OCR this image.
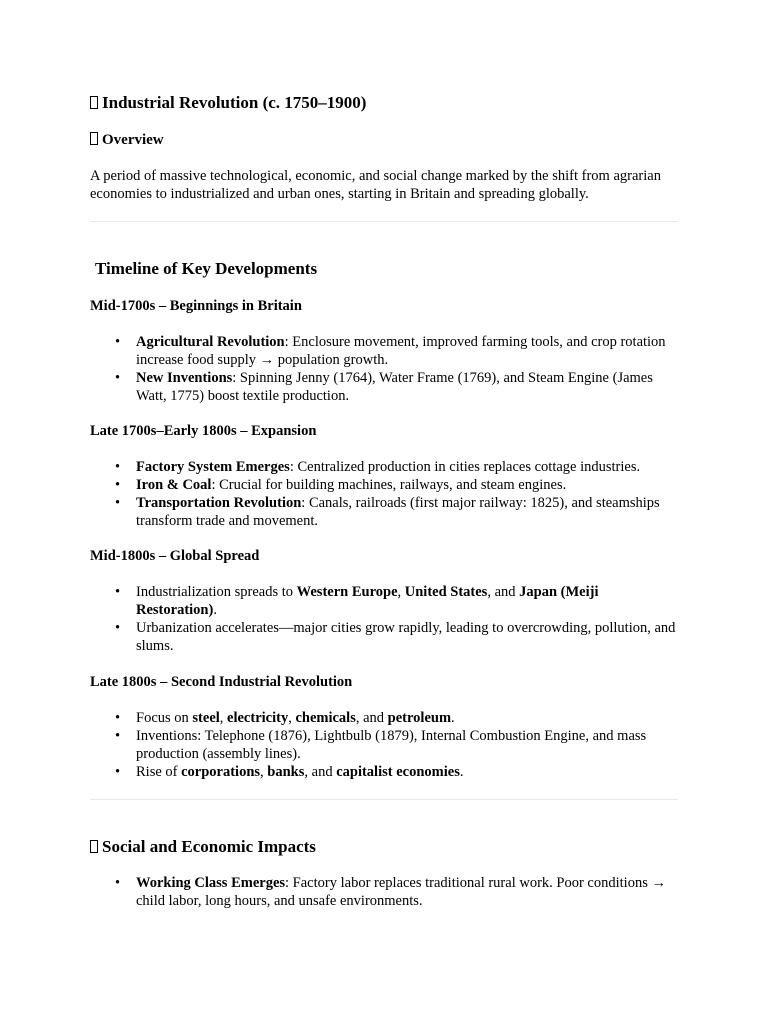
Industrial Revolution (c. 1750–1900)
Overview

A period of massive technological, economic, and social change marked by the shift from agrarian economies to industrialized and urban ones, starting in Britain and spreading globally.

Timeline of Key Developments
Mid-1700s – Beginnings in Britain
• Agricultural Revolution: Enclosure movement, improved farming tools, and crop rotation increase food supply → population growth.
• New Inventions: Spinning Jenny (1764), Water Frame (1769), and Steam Engine (James Watt, 1775) boost textile production.
Late 1700s–Early 1800s – Expansion
• Factory System Emerges: Centralized production in cities replaces cottage industries.
• Iron & Coal: Crucial for building machines, railways, and steam engines.
• Transportation Revolution: Canals, railroads (first major railway: 1825), and steamships transform trade and movement.
Mid-1800s – Global Spread
• Industrialization spreads to Western Europe, United States, and Japan (Meiji Restoration).
• Urbanization accelerates—major cities grow rapidly, leading to overcrowding, pollution, and slums.
Late 1800s – Second Industrial Revolution
• Focus on steel, electricity, chemicals, and petroleum.
• Inventions: Telephone (1876), Lightbulb (1879), Internal Combustion Engine, and mass production (assembly lines).
• Rise of corporations, banks, and capitalist economies.
Social and Economic Impacts
• Working Class Emerges: Factory labor replaces traditional rural work. Poor conditions → child labor, long hours, and unsafe environments.
